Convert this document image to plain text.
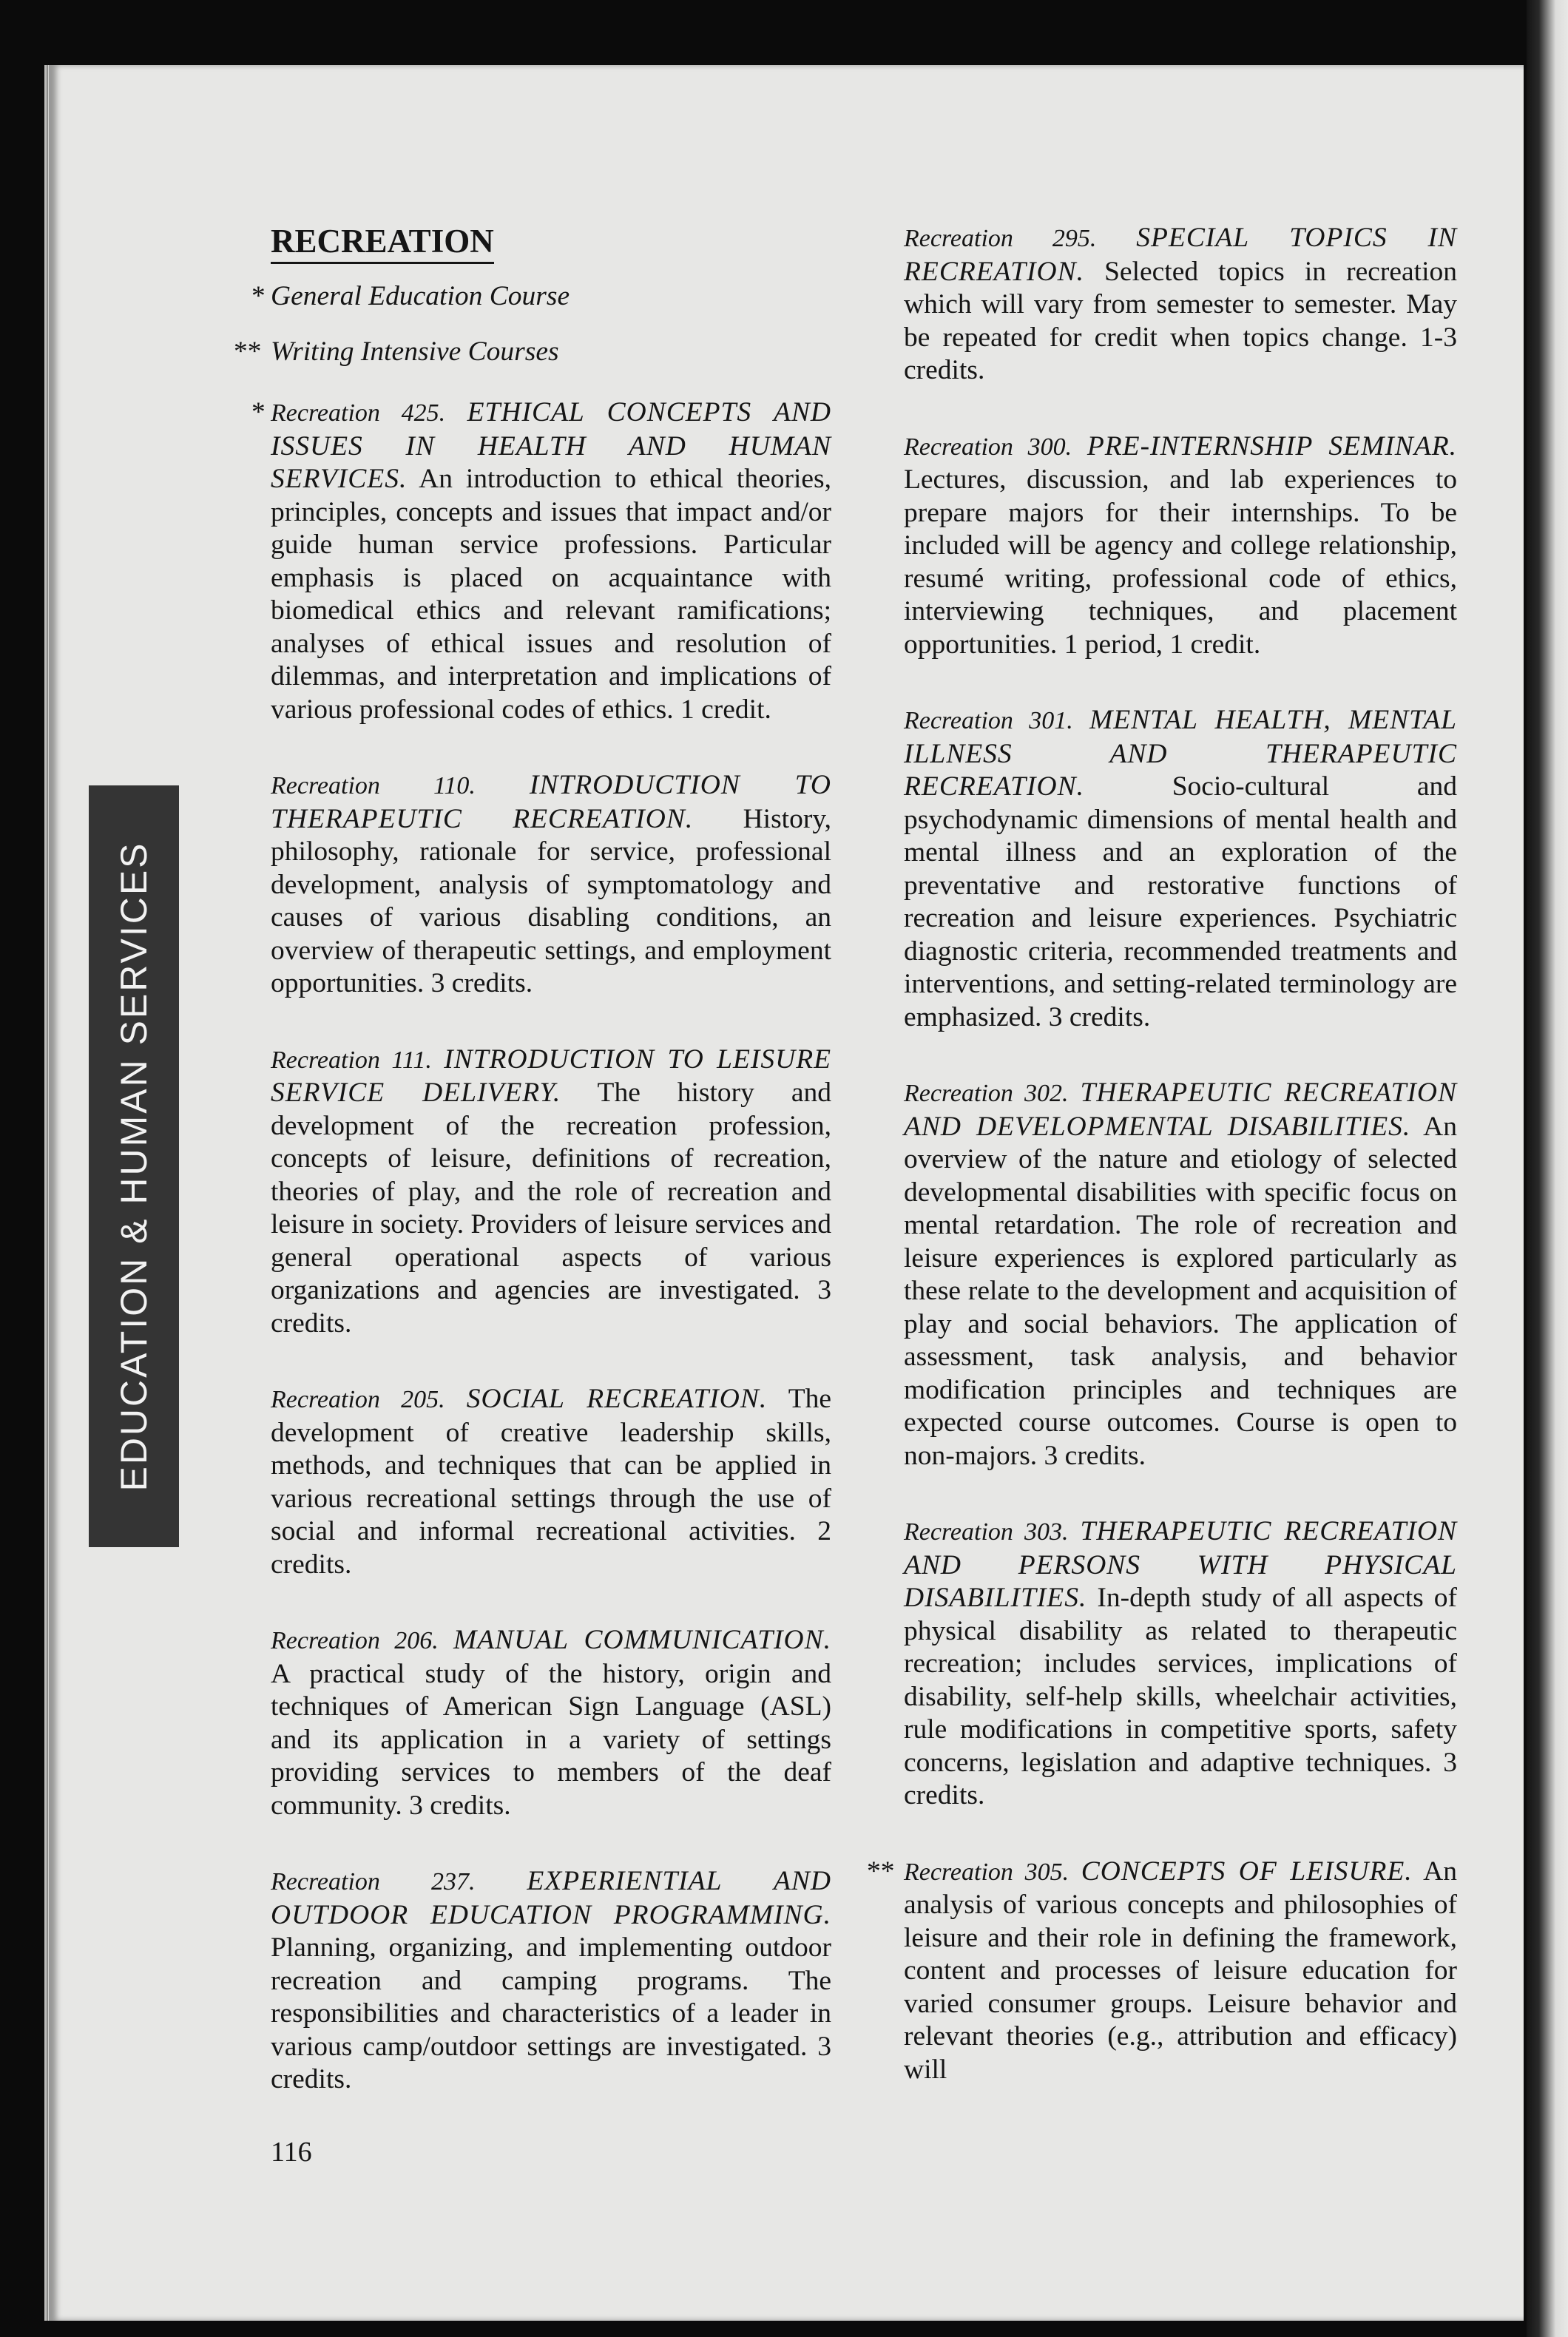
EDUCATION & HUMAN SERVICES
RECREATION
* General Education Course
** Writing Intensive Courses
* Recreation 425. ETHICAL CONCEPTS AND ISSUES IN HEALTH AND HUMAN SERVICES. An introduction to ethical theories, principles, concepts and issues that impact and/or guide human service professions. Particular emphasis is placed on acquaintance with biomedical ethics and relevant ramifications; analyses of ethical issues and resolution of dilemmas, and interpretation and implications of various professional codes of ethics. 1 credit.
Recreation 110. INTRODUCTION TO THERAPEUTIC RECREATION. History, philosophy, rationale for service, professional development, analysis of symptomatology and causes of various disabling conditions, an overview of therapeutic settings, and employment opportunities. 3 credits.
Recreation 111. INTRODUCTION TO LEISURE SERVICE DELIVERY. The history and development of the recreation profession, concepts of leisure, definitions of recreation, theories of play, and the role of recreation and leisure in society. Providers of leisure services and general operational aspects of various organizations and agencies are investigated. 3 credits.
Recreation 205. SOCIAL RECREATION. The development of creative leadership skills, methods, and techniques that can be applied in various recreational settings through the use of social and informal recreational activities. 2 credits.
Recreation 206. MANUAL COMMUNICATION. A practical study of the history, origin and techniques of American Sign Language (ASL) and its application in a variety of settings providing services to members of the deaf community. 3 credits.
Recreation 237. EXPERIENTIAL AND OUTDOOR EDUCATION PROGRAMMING. Planning, organizing, and implementing outdoor recreation and camping programs. The responsibilities and characteristics of a leader in various camp/outdoor settings are investigated. 3 credits.
Recreation 295. SPECIAL TOPICS IN RECREATION. Selected topics in recreation which will vary from semester to semester. May be repeated for credit when topics change. 1-3 credits.
Recreation 300. PRE-INTERNSHIP SEMINAR. Lectures, discussion, and lab experiences to prepare majors for their internships. To be included will be agency and college relationship, resumé writing, professional code of ethics, interviewing techniques, and placement opportunities. 1 period, 1 credit.
Recreation 301. MENTAL HEALTH, MENTAL ILLNESS AND THERAPEUTIC RECREATION.	Socio-cultural and psychodynamic dimensions of mental health and mental illness and an exploration of the preventative and restorative functions of recreation and leisure experiences. Psychiatric diagnostic criteria, recommended treatments and interventions, and setting-related terminology are emphasized. 3 credits.
Recreation 302. THERAPEUTIC RECREATION AND DEVELOPMENTAL DISABILITIES. An overview of the nature and etiology of selected developmental disabilities with specific focus on mental retardation. The role of recreation and leisure experiences is explored particularly as these relate to the development and acquisition of play and social behaviors. The application of assessment, task analysis, and behavior modification principles and techniques are expected course outcomes. Course is open to non-majors. 3 credits.
Recreation 303. THERAPEUTIC RECREATION AND PERSONS WITH PHYSICAL DISABILITIES. In-depth study of all aspects of physical disability as related to therapeutic recreation; includes services, implications of disability, self-help skills, wheelchair activities, rule modifications in competitive sports, safety concerns, legislation and adaptive techniques. 3 credits.
** Recreation 305. CONCEPTS OF LEISURE. An analysis of various concepts and philosophies of leisure and their role in defining the framework, content and processes of leisure education for varied consumer groups. Leisure behavior and relevant theories (e.g., attribution and efficacy) will
116
